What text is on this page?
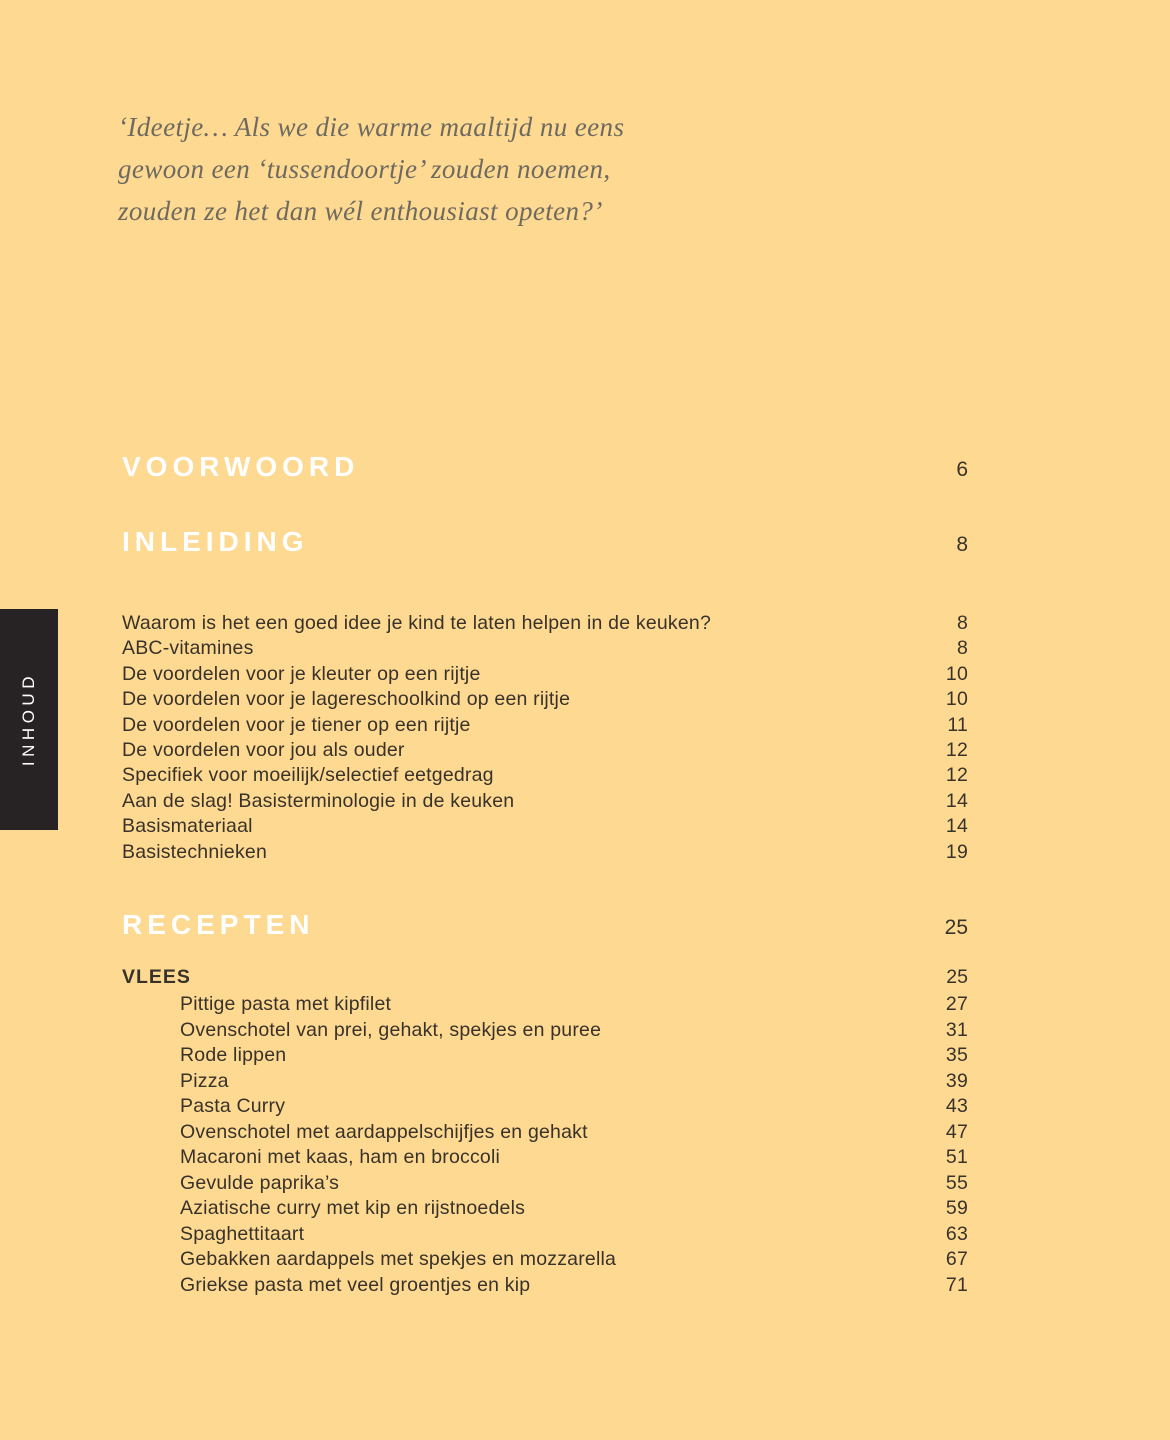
INHOUD
‘Ideetje… Als we die warme maaltijd nu eens
gewoon een ‘tussendoortje’ zouden noemen,
zouden ze het dan wél enthousiast opeten?’
VOORWOORD	6
INLEIDING	8
Waarom is het een goed idee je kind te laten helpen in de keuken?	8
ABC-vitamines	8
De voordelen voor je kleuter op een rijtje	10
De voordelen voor je lagereschoolkind op een rijtje	10
De voordelen voor je tiener op een rijtje	11
De voordelen voor jou als ouder	12
Specifiek voor moeilijk/selectief eetgedrag	12
Aan de slag! Basisterminologie in de keuken	14
Basismateriaal	14
Basistechnieken	19
RECEPTEN	25
VLEES	25
Pittige pasta met kipfilet	27
Ovenschotel van prei, gehakt, spekjes en puree	31
Rode lippen	35
Pizza	39
Pasta Curry	43
Ovenschotel met aardappelschijfjes en gehakt	47
Macaroni met kaas, ham en broccoli	51
Gevulde paprika’s	55
Aziatische curry met kip en rijstnoedels	59
Spaghettitaart	63
Gebakken aardappels met spekjes en mozzarella	67
Griekse pasta met veel groentjes en kip	71
